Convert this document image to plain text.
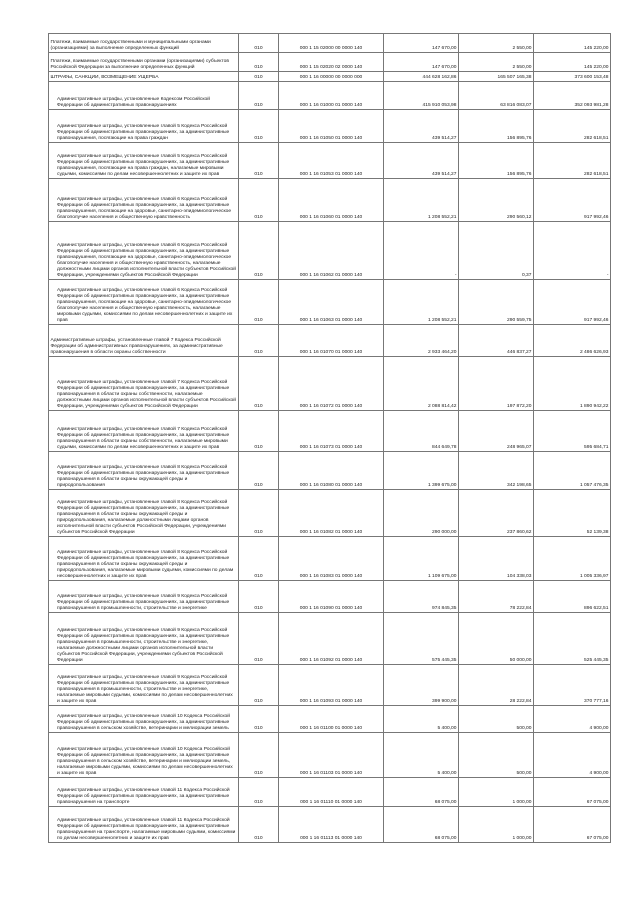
Платежи, взимаемые государственными и муниципальными органами (организациями) за выполнение определенных функций	010	000 1 15 02000 00 0000 140	147 670,00	2 550,00	145 220,00
Платежи, взимаемые государственными органами (организациями) субъектов Российской Федерации за выполнение определенных функций	010	000 1 15 02020 02 0000 140	147 670,00	2 550,00	145 220,00
ШТРАФЫ, САНКЦИИ, ВОЗМЕЩЕНИЕ УЩЕРБА	010	000 1 16 00000 00 0000 000	444 628 162,86	165 507 165,38	373 600 153,48
Административные штрафы, установленные Кодексом Российской Федерации об административных правонарушениях	010	000 1 16 01000 01 0000 140	415 910 053,98	63 816 083,07	352 093 981,28
Административные штрафы, установленные главой 5 Кодекса Российской Федерации об административных правонарушениях, за административные правонарушения, посягающие на права граждан	010	000 1 16 01050 01 0000 140	439 514,27	156 895,76	282 618,51
Административные штрафы, установленные главой 5 Кодекса Российской Федерации об административных правонарушениях, за административные правонарушения, посягающие на права граждан, налагаемые мировыми судьями, комиссиями по делам несовершеннолетних и защите их прав	010	000 1 16 01053 01 0000 140	439 514,27	156 895,76	282 618,51
Административные штрафы, установленные главой 6 Кодекса Российской Федерации об административных правонарушениях, за административные правонарушения, посягающие на здоровье, санитарно-эпидемиологическое благополучие населения и общественную нравственность	010	000 1 16 01060 01 0000 140	1 208 552,21	290 560,12	917 992,46
Административные штрафы, установленные главой 6 Кодекса Российской Федерации об административных правонарушениях, за административные правонарушения, посягающие на здоровье, санитарно-эпидемиологическое благополучие населения и общественную нравственность, налагаемые должностными лицами органов исполнительной власти субъектов Российской Федерации, учреждениями субъектов Российской Федерации	010	000 1 16 01062 01 0000 140	-	0,37	-
Административные штрафы, установленные главой 6 Кодекса Российской Федерации об административных правонарушениях, за административные правонарушения, посягающие на здоровье, санитарно-эпидемиологическое благополучие населения и общественную нравственность, налагаемые мировыми судьями, комиссиями по делам несовершеннолетних и защите их прав	010	000 1 16 01063 01 0000 140	1 208 552,21	290 559,75	917 992,46
Административные штрафы, установленные главой 7 Кодекса Российской Федерации об административных правонарушениях, за административные правонарушения в области охраны собственности	010	000 1 16 01070 01 0000 140	2 933 464,20	446 837,27	2 486 626,93
Административные штрафы, установленные главой 7 Кодекса Российской Федерации об административных правонарушениях, за административные правонарушения в области охраны собственности, налагаемые должностными лицами органов исполнительной власти субъектов Российской Федерации, учреждениями субъектов Российской Федерации	010	000 1 16 01072 01 0000 140	2 088 814,42	197 872,20	1 890 942,22
Административные штрафы, установленные главой 7 Кодекса Российской Федерации об административных правонарушениях, за административные правонарушения в области охраны собственности, налагаемые мировыми судьями, комиссиями по делам несовершеннолетних и защите их прав	010	000 1 16 01073 01 0000 140	844 649,78	248 965,07	595 684,71
Административные штрафы, установленные главой 8 Кодекса Российской Федерации об административных правонарушениях, за административные правонарушения в области охраны окружающей среды и природопользования	010	000 1 16 01080 01 0000 140	1 399 675,00	342 198,65	1 057 476,35
Административные штрафы, установленные главой 8 Кодекса Российской Федерации об административных правонарушениях, за административные правонарушения в области охраны окружающей среды и природопользования, налагаемые должностными лицами органов исполнительной власти субъектов Российской Федерации, учреждениями субъектов Российской Федерации	010	000 1 16 01082 01 0000 140	290 000,00	237 860,62	52 139,38
Административные штрафы, установленные главой 8 Кодекса Российской Федерации об административных правонарушениях, за административные правонарушения в области охраны окружающей среды и природопользования, налагаемые мировыми судьями, комиссиями по делам несовершеннолетних и защите их прав	010	000 1 16 01083 01 0000 140	1 109 675,00	104 338,03	1 005 336,97
Административные штрафы, установленные главой 9 Кодекса Российской Федерации об административных правонарушениях, за административные правонарушения в промышленности, строительстве и энергетике	010	000 1 16 01090 01 0000 140	974 845,35	78 222,84	896 622,51
Административные штрафы, установленные главой 9 Кодекса Российской Федерации об административных правонарушениях, за административные правонарушения в промышленности, строительстве и энергетике, налагаемые должностными лицами органов исполнительной власти субъектов Российской Федерации, учреждениями субъектов Российской Федерации	010	000 1 16 01092 01 0000 140	575 445,35	50 000,00	525 445,35
Административные штрафы, установленные главой 9 Кодекса Российской Федерации об административных правонарушениях, за административные правонарушения в промышленности, строительстве и энергетике, налагаемые мировыми судьями, комиссиями по делам несовершеннолетних и защите их прав	010	000 1 16 01093 01 0000 140	399 900,00	28 222,84	370 777,16
Административные штрафы, установленные главой 10 Кодекса Российской Федерации об административных правонарушениях, за административные правонарушения в сельском хозяйстве, ветеринарии и мелиорации земель	010	000 1 16 01100 01 0000 140	5 400,00	500,00	4 900,00
Административные штрафы, установленные главой 10 Кодекса Российской Федерации об административных правонарушениях, за административные правонарушения в сельском хозяйстве, ветеринарии и мелиорации земель, налагаемые мировыми судьями, комиссиями по делам несовершеннолетних и защите их прав	010	000 1 16 01103 01 0000 140	5 400,00	500,00	4 900,00
Административные штрафы, установленные главой 11 Кодекса Российской Федерации об административных правонарушениях, за административные правонарушения на транспорте	010	000 1 16 01110 01 0000 140	68 075,00	1 000,00	67 075,00
Административные штрафы, установленные главой 11 Кодекса Российской Федерации об административных правонарушениях, за административные правонарушения на транспорте, налагаемые мировыми судьями, комиссиями по делам несовершеннолетних и защите их прав	010	000 1 16 01113 01 0000 140	68 075,00	1 000,00	67 075,00
